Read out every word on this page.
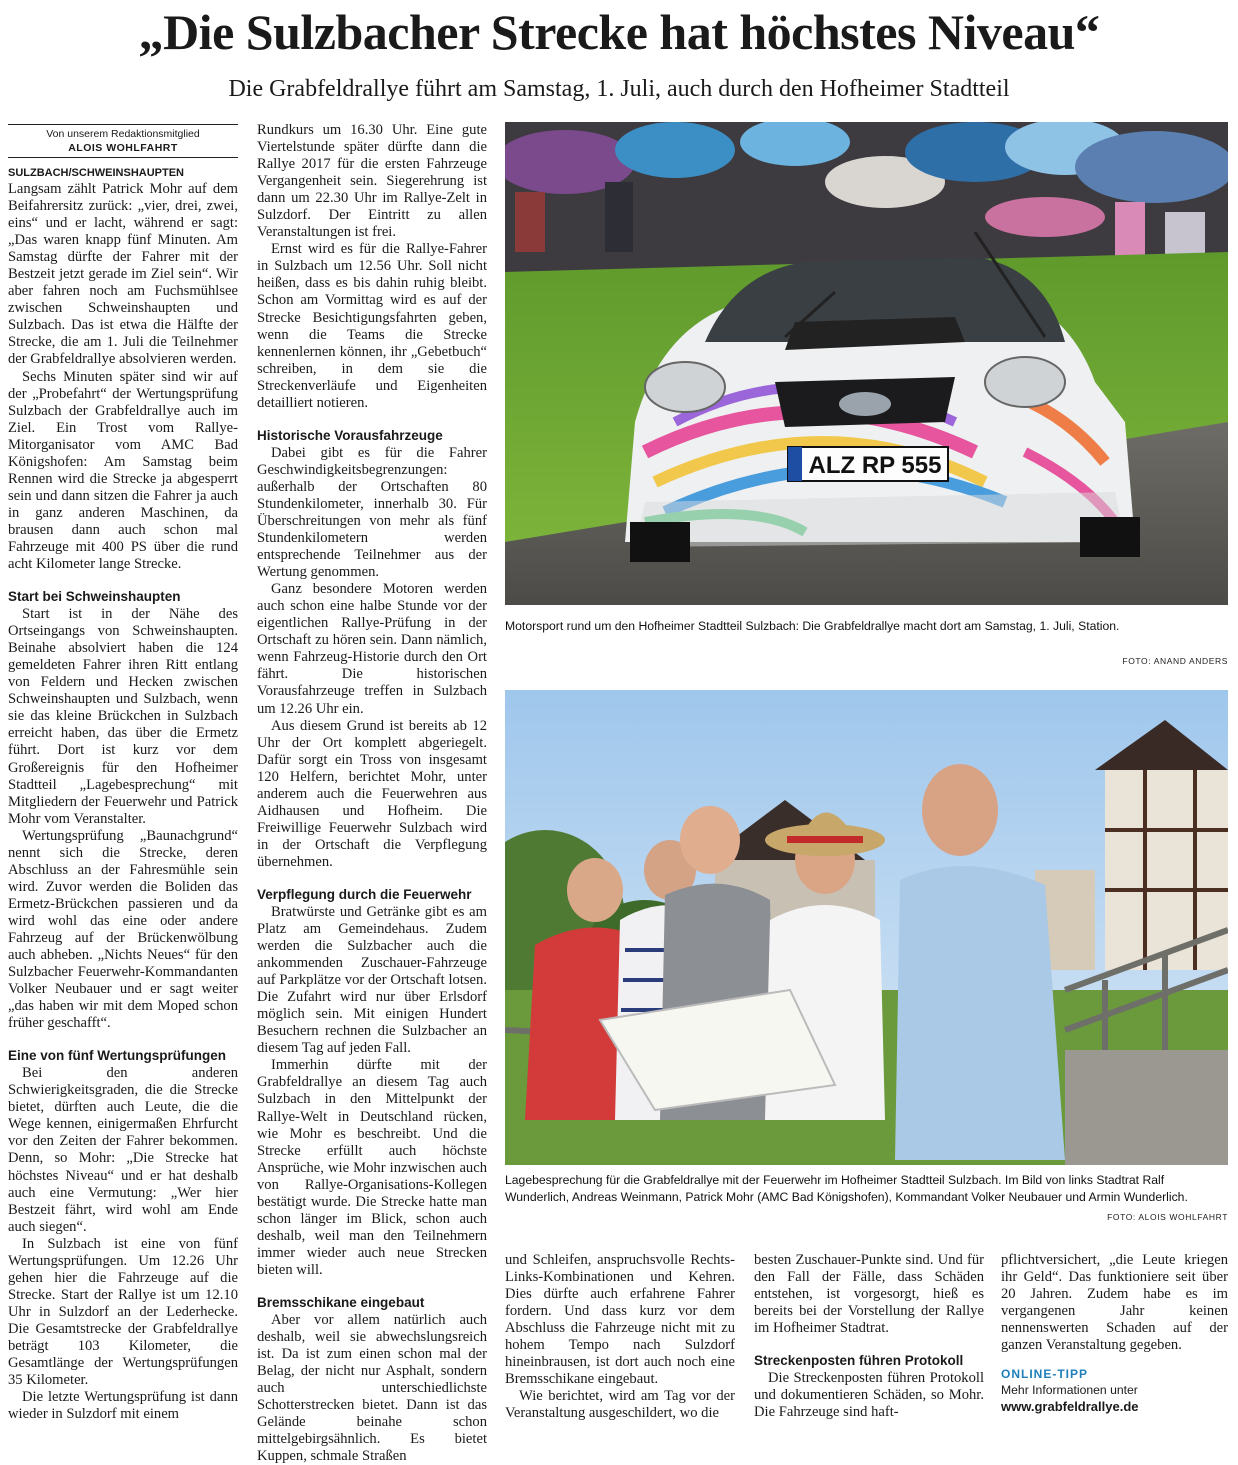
„Die Sulzbacher Strecke hat höchstes Niveau“
Die Grabfeldrallye führt am Samstag, 1. Juli, auch durch den Hofheimer Stadtteil
Von unserem Redaktionsmitglied
ALOIS WOHLFAHRT
SULZBACH/SCHWEINSHAUPTEN

Langsam zählt Patrick Mohr auf dem Beifahrersitz zurück: „vier, drei, zwei, eins“ und er lacht, während er sagt: „Das waren knapp fünf Minuten. Am Samstag dürfte der Fahrer mit der Bestzeit jetzt gerade im Ziel sein“. Wir aber fahren noch am Fuchsmühlsee zwischen Schweinshaupten und Sulzbach. Das ist etwa die Hälfte der Strecke, die am 1. Juli die Teilnehmer der Grabfeldrallye absolvieren werden.

Sechs Minuten später sind wir auf der „Probefahrt“ der Wertungsprüfung Sulzbach der Grabfeldrallye auch im Ziel. Ein Trost vom Rallye-Mitorganisator vom AMC Bad Königshofen: Am Samstag beim Rennen wird die Strecke ja abgesperrt sein und dann sitzen die Fahrer ja auch in ganz anderen Maschinen, da brausen dann auch schon mal Fahrzeuge mit 400 PS über die rund acht Kilometer lange Strecke.

Start bei Schweinshaupten

Start ist in der Nähe des Ortseingangs von Schweinshaupten. Beinahe absolviert haben die 124 gemeldeten Fahrer ihren Ritt entlang von Feldern und Hecken zwischen Schweinshaupten und Sulzbach, wenn sie das kleine Brückchen in Sulzbach erreicht haben, das über die Ermetz führt. Dort ist kurz vor dem Großereignis für den Hofheimer Stadtteil „Lagebesprechung“ mit Mitgliedern der Feuerwehr und Patrick Mohr vom Veranstalter.

Wertungsprüfung „Baunachgrund“ nennt sich die Strecke, deren Abschluss an der Fahresmühle sein wird. Zuvor werden die Boliden das Ermetz-Brückchen passieren und da wird wohl das eine oder andere Fahrzeug auf der Brückenwölbung auch abheben. „Nichts Neues“ für den Sulzbacher Feuerwehr-Kommandanten Volker Neubauer und er sagt weiter „das haben wir mit dem Moped schon früher geschafft“.

Eine von fünf Wertungsprüfungen

Bei den anderen Schwierigkeitsgraden, die die Strecke bietet, dürften auch Leute, die die Wege kennen, einigermaßen Ehrfurcht vor den Zeiten der Fahrer bekommen. Denn, so Mohr: „Die Strecke hat höchstes Niveau“ und er hat deshalb auch eine Vermutung: „Wer hier Bestzeit fährt, wird wohl am Ende auch siegen“.

In Sulzbach ist eine von fünf Wertungsprüfungen. Um 12.26 Uhr gehen hier die Fahrzeuge auf die Strecke. Start der Rallye ist um 12.10 Uhr in Sulzdorf an der Lederhecke. Die Gesamtstrecke der Grabfeldrallye beträgt 103 Kilometer, die Gesamtlänge der Wertungsprüfungen 35 Kilometer.

Die letzte Wertungsprüfung ist dann wieder in Sulzdorf mit einem

Rundkurs um 16.30 Uhr. Eine gute Viertelstunde später dürfte dann die Rallye 2017 für die ersten Fahrzeuge Vergangenheit sein. Siegerehrung ist dann um 22.30 Uhr im Rallye-Zelt in Sulzdorf. Der Eintritt zu allen Veranstaltungen ist frei.

Ernst wird es für die Rallye-Fahrer in Sulzbach um 12.56 Uhr. Soll nicht heißen, dass es bis dahin ruhig bleibt. Schon am Vormittag wird es auf der Strecke Besichtigungsfahrten geben, wenn die Teams die Strecke kennenlernen können, ihr „Gebetbuch“ schreiben, in dem sie die Streckenverläufe und Eigenheiten detailliert notieren.

Historische Vorausfahrzeuge

Dabei gibt es für die Fahrer Geschwindigkeitsbegrenzungen: außerhalb der Ortschaften 80 Stundenkilometer, innerhalb 30. Für Überschreitungen von mehr als fünf Stundenkilometern werden entsprechende Teilnehmer aus der Wertung genommen.

Ganz besondere Motoren werden auch schon eine halbe Stunde vor der eigentlichen Rallye-Prüfung in der Ortschaft zu hören sein. Dann nämlich, wenn Fahrzeug-Historie durch den Ort fährt. Die historischen Vorausfahrzeuge treffen in Sulzbach um 12.26 Uhr ein.

Aus diesem Grund ist bereits ab 12 Uhr der Ort komplett abgeriegelt. Dafür sorgt ein Tross von insgesamt 120 Helfern, berichtet Mohr, unter anderem auch die Feuerwehren aus Aidhausen und Hofheim. Die Freiwillige Feuerwehr Sulzbach wird in der Ortschaft die Verpflegung übernehmen.

Verpflegung durch die Feuerwehr

Bratwürste und Getränke gibt es am Platz am Gemeindehaus. Zudem werden die Sulzbacher auch die ankommenden Zuschauer-Fahrzeuge auf Parkplätze vor der Ortschaft lotsen. Die Zufahrt wird nur über Erlsdorf möglich sein. Mit einigen Hundert Besuchern rechnen die Sulzbacher an diesem Tag auf jeden Fall.

Immerhin dürfte mit der Grabfeldrallye an diesem Tag auch Sulzbach in den Mittelpunkt der Rallye-Welt in Deutschland rücken, wie Mohr es beschreibt. Und die Strecke erfüllt auch höchste Ansprüche, wie Mohr inzwischen auch von Rallye-Organisations-Kollegen bestätigt wurde. Die Strecke hatte man schon länger im Blick, schon auch deshalb, weil man den Teilnehmern immer wieder auch neue Strecken bieten will.

Bremsschikane eingebaut

Aber vor allem natürlich auch deshalb, weil sie abwechslungsreich ist. Da ist zum einen schon mal der Belag, der nicht nur Asphalt, sondern auch unterschiedlichste Schotterstrecken bietet. Dann ist das Gelände beinahe schon mittelgebirgsähnlich. Es bietet Kuppen, schmale Straßen

ALZ RP 555
Motorsport rund um den Hofheimer Stadtteil Sulzbach: Die Grabfeldrallye macht dort am Samstag, 1. Juli, Station.
FOTO: ANAND ANDERS
Lagebesprechung für die Grabfeldrallye mit der Feuerwehr im Hofheimer Stadtteil Sulzbach. Im Bild von links Stadtrat Ralf Wunderlich, Andreas Weinmann, Patrick Mohr (AMC Bad Königshofen), Kommandant Volker Neubauer und Armin Wunderlich.
FOTO: ALOIS WOHLFAHRT

und Schleifen, anspruchsvolle Rechts-Links-Kombinationen und Kehren. Dies dürfte auch erfahrene Fahrer fordern. Und dass kurz vor dem Abschluss die Fahrzeuge nicht mit zu hohem Tempo nach Sulzdorf hineinbrausen, ist dort auch noch eine Bremsschikane eingebaut.

Wie berichtet, wird am Tag vor der Veranstaltung ausgeschildert, wo die

besten Zuschauer-Punkte sind. Und für den Fall der Fälle, dass Schäden entstehen, ist vorgesorgt, hieß es bereits bei der Vorstellung der Rallye im Hofheimer Stadtrat.

Streckenposten führen Protokoll

Die Streckenposten führen Protokoll und dokumentieren Schäden, so Mohr. Die Fahrzeuge sind haft-

pflichtversichert, „die Leute kriegen ihr Geld“. Das funktioniere seit über 20 Jahren. Zudem habe es im vergangenen Jahr keinen nennenswerten Schaden auf der ganzen Veranstaltung gegeben.

ONLINE-TIPP
Mehr Informationen unter
www.grabfeldrallye.de
